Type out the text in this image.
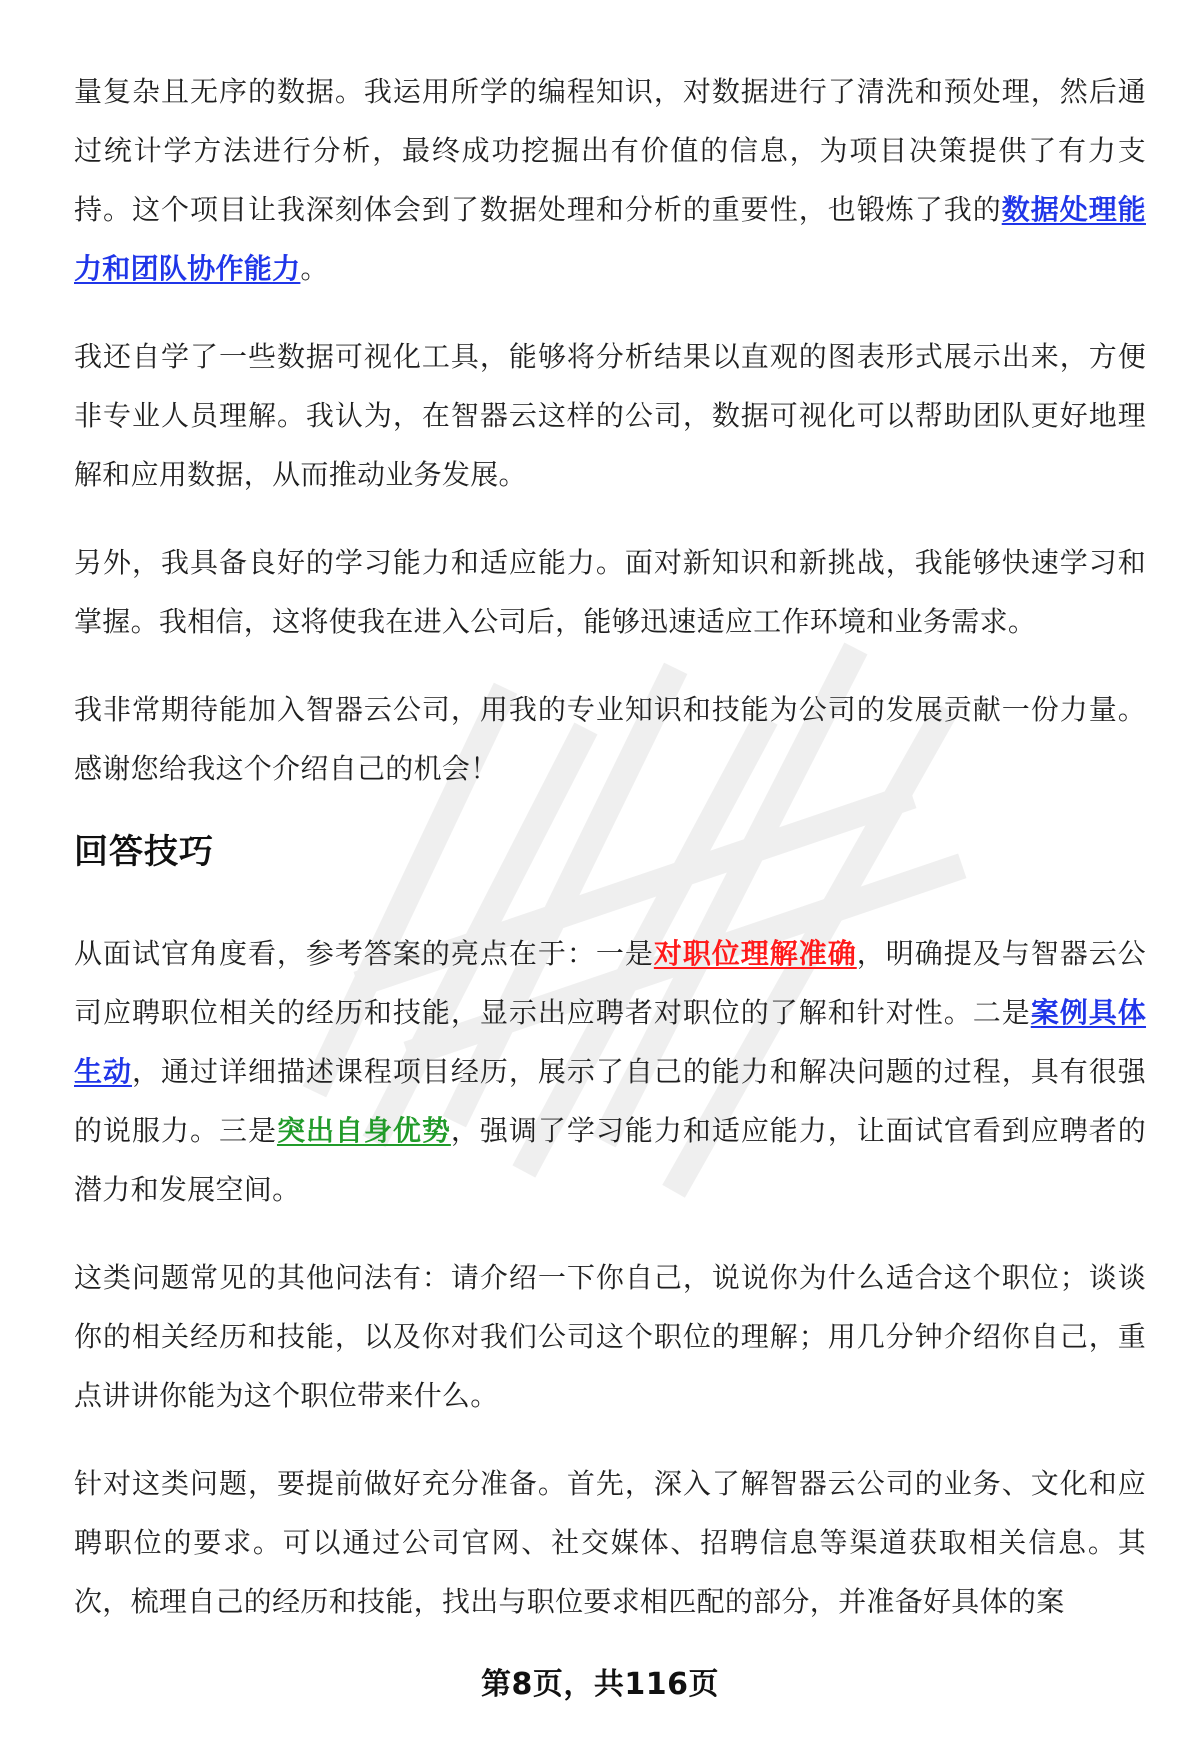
量复杂且无序的数据。我运用所学的编程知识，对数据进行了清洗和预处理，然后通过统计学方法进行分析，最终成功挖掘出有价值的信息，为项目决策提供了有力支持。这个项目让我深刻体会到了数据处理和分析的重要性，也锻炼了我的数据处理能力和团队协作能力。

我还自学了一些数据可视化工具，能够将分析结果以直观的图表形式展示出来，方便非专业人员理解。我认为，在智器云这样的公司，数据可视化可以帮助团队更好地理解和应用数据，从而推动业务发展。

另外，我具备良好的学习能力和适应能力。面对新知识和新挑战，我能够快速学习和掌握。我相信，这将使我在进入公司后，能够迅速适应工作环境和业务需求。

我非常期待能加入智器云公司，用我的专业知识和技能为公司的发展贡献一份力量。感谢您给我这个介绍自己的机会！

回答技巧

从面试官角度看，参考答案的亮点在于：一是对职位理解准确，明确提及与智器云公司应聘职位相关的经历和技能，显示出应聘者对职位的了解和针对性。二是案例具体生动，通过详细描述课程项目经历，展示了自己的能力和解决问题的过程，具有很强的说服力。三是突出自身优势，强调了学习能力和适应能力，让面试官看到应聘者的潜力和发展空间。

这类问题常见的其他问法有：请介绍一下你自己，说说你为什么适合这个职位；谈谈你的相关经历和技能，以及你对我们公司这个职位的理解；用几分钟介绍你自己，重点讲讲你能为这个职位带来什么。

针对这类问题，要提前做好充分准备。首先，深入了解智器云公司的业务、文化和应聘职位的要求。可以通过公司官网、社交媒体、招聘信息等渠道获取相关信息。其次，梳理自己的经历和技能，找出与职位要求相匹配的部分，并准备好具体的案

第8页，共116页
